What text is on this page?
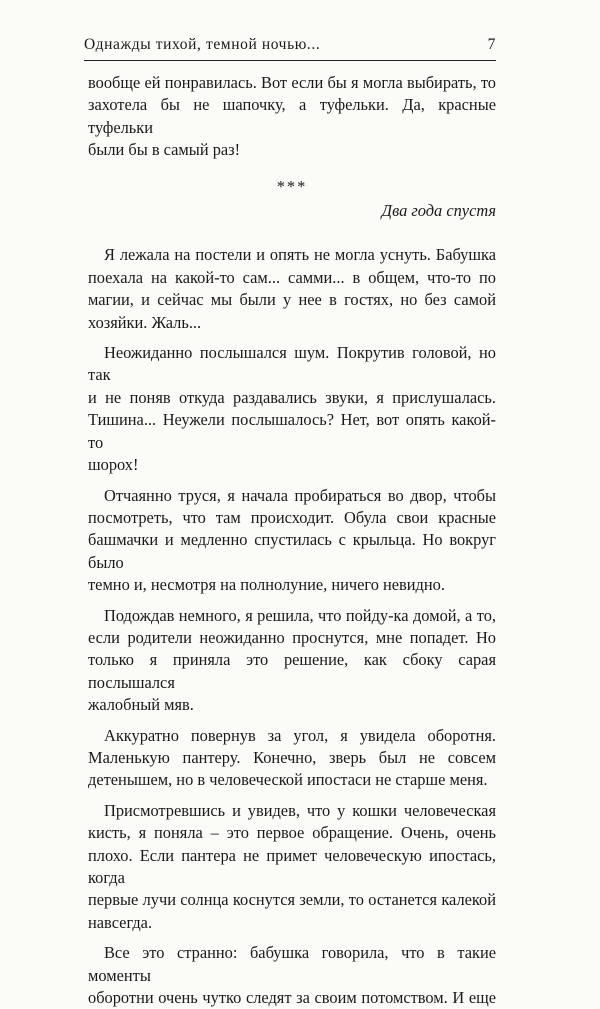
Однажды тихой, темной ночью...	7

вообще ей понравилась. Вот если бы я могла выбирать, то
захотела бы не шапочку, а туфельки. Да, красные туфельки
были бы в самый раз!

***

Два года спустя

Я лежала на постели и опять не могла уснуть. Бабушка
поехала на какой-то сам... самми... в общем, что-то по
магии, и сейчас мы были у нее в гостях, но без самой
хозяйки. Жаль...

Неожиданно послышался шум. Покрутив головой, но так
и не поняв откуда раздавались звуки, я прислушалась.
Тишина... Неужели послышалось? Нет, вот опять какой-то
шорох!

Отчаянно труся, я начала пробираться во двор, чтобы
посмотреть, что там происходит. Обула свои красные
башмачки и медленно спустилась с крыльца. Но вокруг было
темно и, несмотря на полнолуние, ничего невидно.

Подождав немного, я решила, что пойду-ка домой, а то,
если родители неожиданно проснутся, мне попадет. Но
только я приняла это решение, как сбоку сарая послышался
жалобный мяв.

Аккуратно повернув за угол, я увидела оборотня.
Маленькую пантеру. Конечно, зверь был не совсем
детенышем, но в человеческой ипостаси не старше меня.

Присмотревшись и увидев, что у кошки человеческая
кисть, я поняла – это первое обращение. Очень, очень
плохо. Если пантера не примет человеческую ипостась, когда
первые лучи солнца коснутся земли, то останется калекой
навсегда.

Все это странно: бабушка говорила, что в такие моменты
оборотни очень чутко следят за своим потомством. И еще
